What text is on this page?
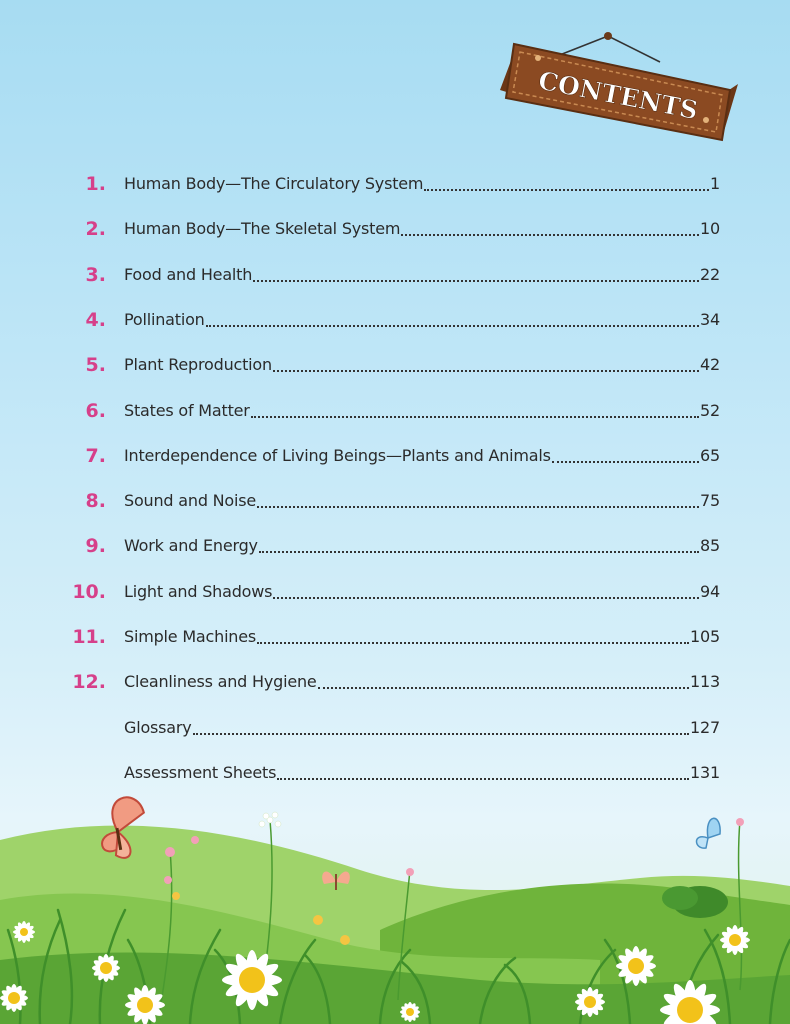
CONTENTS
1. Human Body—The Circulatory System	1
2. Human Body—The Skeletal System	10
3. Food and Health	22
4. Pollination	34
5. Plant Reproduction	42
6. States of Matter	52
7. Interdependence of Living Beings—Plants and Animals	65
8. Sound and Noise	75
9. Work and Energy	85
10. Light and Shadows	94
11. Simple Machines	105
12. Cleanliness and Hygiene	113
Glossary	127
Assessment Sheets	131
